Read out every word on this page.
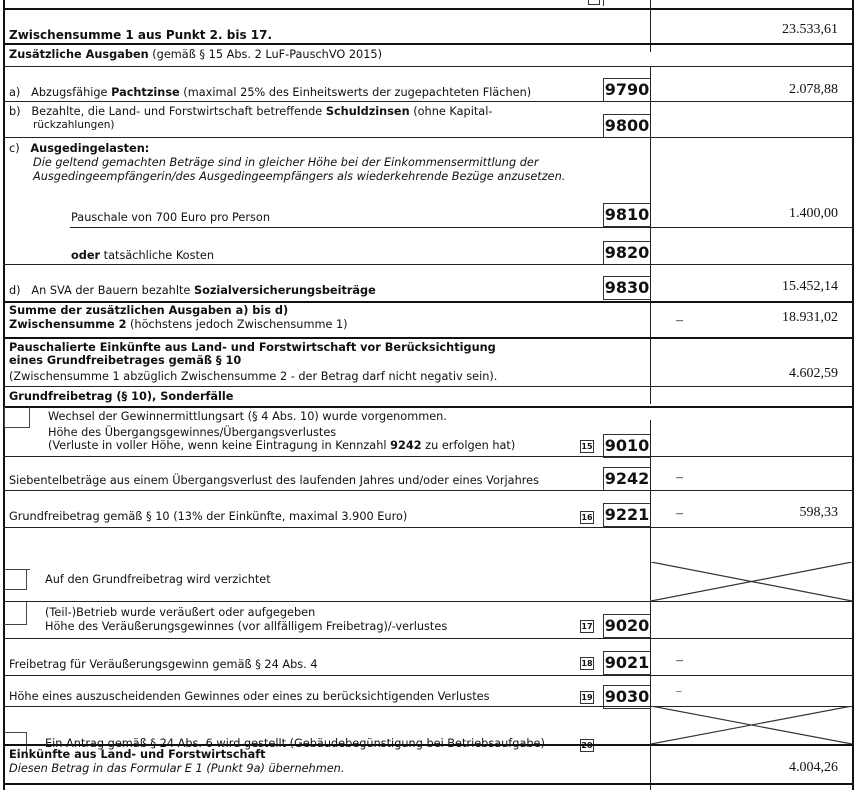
Zwischensumme 1 aus Punkt 2. bis 17.	23.533,61
Zusätzliche Ausgaben (gemäß § 15 Abs. 2 LuF-PauschVO 2015)
a) Abzugsfähige Pachtzinse (maximal 25% des Einheitswerts der zugepachteten Flächen)	9790	2.078,88
b) Bezahlte, die Land- und Forstwirtschaft betreffende Schuldzinsen (ohne Kapital-
rückzahlungen)	9800
c) Ausgedingelasten:
Die geltend gemachten Beträge sind in gleicher Höhe bei der Einkommensermittlung der
Ausgedingeempfängerin/des Ausgedingeempfängers als wiederkehrende Bezüge anzusetzen.
Pauschale von 700 Euro pro Person	9810	1.400,00
oder tatsächliche Kosten	9820
d) An SVA der Bauern bezahlte Sozialversicherungsbeiträge	9830	15.452,14
Summe der zusätzlichen Ausgaben a) bis d)
Zwischensumme 2 (höchstens jedoch Zwischensumme 1)	–	18.931,02
Pauschalierte Einkünfte aus Land- und Forstwirtschaft vor Berücksichtigung
eines Grundfreibetrages gemäß § 10
(Zwischensumme 1 abzüglich Zwischensumme 2 - der Betrag darf nicht negativ sein).	4.602,59
Grundfreibetrag (§ 10), Sonderfälle
Wechsel der Gewinnermittlungsart (§ 4 Abs. 10) wurde vorgenommen.
Höhe des Übergangsgewinnes/Übergangsverlustes
(Verluste in voller Höhe, wenn keine Eintragung in Kennzahl 9242 zu erfolgen hat)	15 9010
Siebentelbeträge aus einem Übergangsverlust des laufenden Jahres und/oder eines Vorjahres	9242 –
Grundfreibetrag gemäß § 10 (13% der Einkünfte, maximal 3.900 Euro)	16 9221 –	598,33
Auf den Grundfreibetrag wird verzichtet
(Teil-)Betrieb wurde veräußert oder aufgegeben
Höhe des Veräußerungsgewinnes (vor allfälligem Freibetrag)/-verlustes	17 9020
Freibetrag für Veräußerungsgewinn gemäß § 24 Abs. 4	18 9021 –
Höhe eines auszuscheidenden Gewinnes oder eines zu berücksichtigenden Verlustes	19 9030 –
Ein Antrag gemäß § 24 Abs. 6 wird gestellt (Gebäudebegünstigung bei Betriebsaufgabe)	20
Einkünfte aus Land- und Forstwirtschaft
Diesen Betrag in das Formular E 1 (Punkt 9a) übernehmen.	4.004,26
